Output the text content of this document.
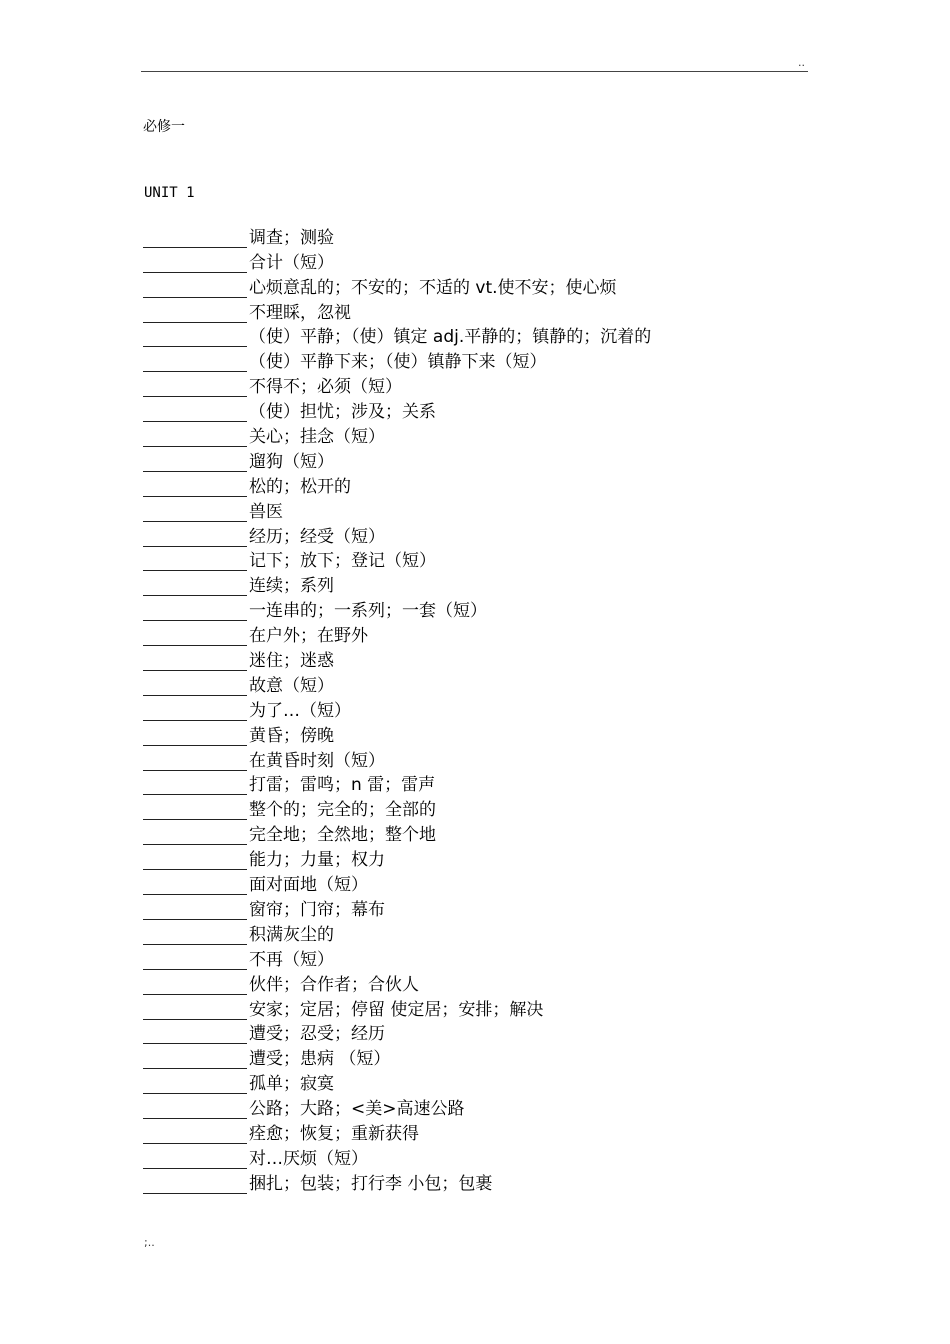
..
必修一
UNIT 1
调查；测验
合计（短）
心烦意乱的；不安的；不适的 vt.使不安；使心烦
不理睬，忽视
（使）平静；（使）镇定 adj.平静的；镇静的；沉着的
（使）平静下来；（使）镇静下来（短）
不得不；必须（短）
（使）担忧；涉及；关系
关心；挂念（短）
遛狗（短）
松的；松开的
兽医
经历；经受（短）
记下；放下；登记（短）
连续；系列
一连串的；一系列；一套（短）
在户外；在野外
迷住；迷惑
故意（短）
为了…（短）
黄昏；傍晚
在黄昏时刻（短）
打雷；雷鸣；n 雷；雷声
整个的；完全的；全部的
完全地；全然地；整个地
能力；力量；权力
面对面地（短）
窗帘；门帘；幕布
积满灰尘的
不再（短）
伙伴；合作者；合伙人
安家；定居；停留 使定居；安排；解决
遭受；忍受；经历
遭受；患病 （短）
孤单；寂寞
公路；大路；<美>高速公路
痊愈；恢复；重新获得
对…厌烦（短）
捆扎；包装；打行李 小包；包裹
;..
